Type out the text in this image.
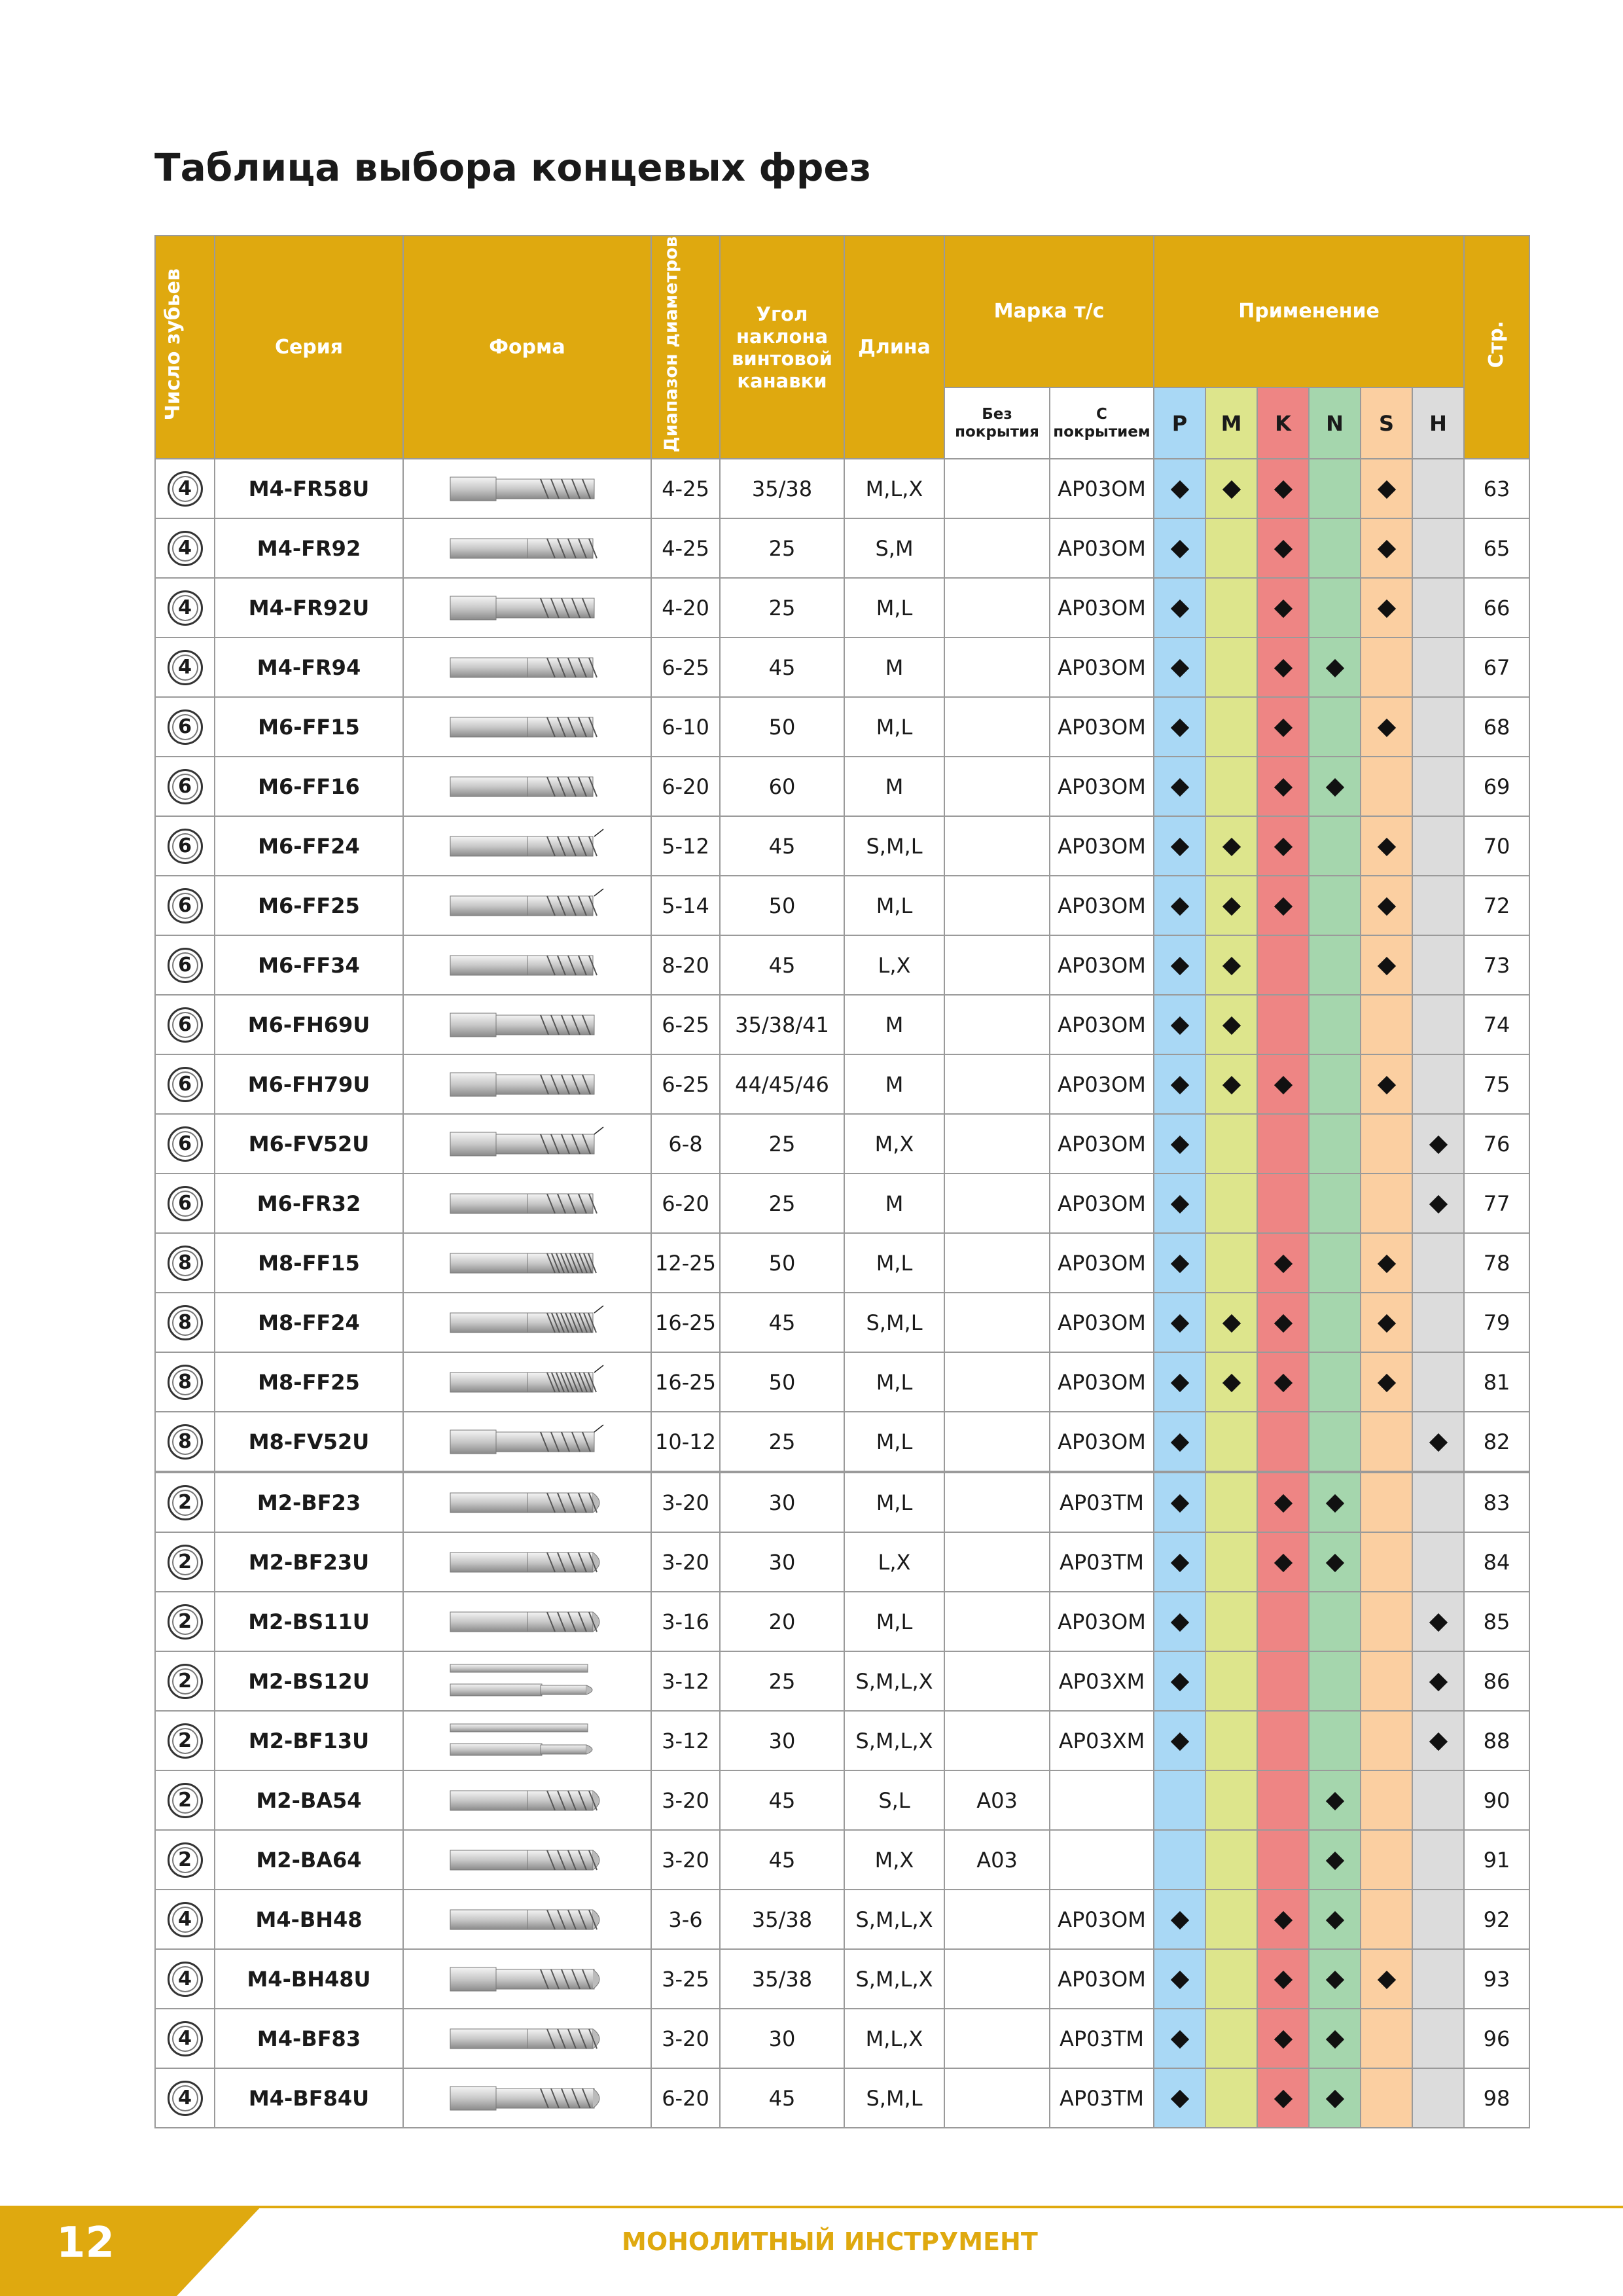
Таблица выбора концевых фрез
Число зубьев	Серия	Форма	Диапазон диаметров	Угол наклона винтовой канавки	Длина	Марка т/с		Применение						Стр.
						Без покрытия	С покрытием	P	M	K	N	S	H	
4	M4-FR58U		4-25	35/38	M,L,X		AP03OM							63
4	M4-FR92		4-25	25	S,M		AP03OM							65
4	M4-FR92U		4-20	25	M,L		AP03OM							66
4	M4-FR94		6-25	45	M		AP03OM							67
6	M6-FF15		6-10	50	M,L		AP03OM							68
6	M6-FF16		6-20	60	M		AP03OM							69
6	M6-FF24		5-12	45	S,M,L		AP03OM							70
6	M6-FF25		5-14	50	M,L		AP03OM							72
6	M6-FF34		8-20	45	L,X		AP03OM							73
6	M6-FH69U		6-25	35/38/41	M		AP03OM							74
6	M6-FH79U		6-25	44/45/46	M		AP03OM							75
6	M6-FV52U		6-8	25	M,X		AP03OM							76
6	M6-FR32		6-20	25	M		AP03OM							77
8	M8-FF15		12-25	50	M,L		AP03OM							78
8	M8-FF24		16-25	45	S,M,L		AP03OM							79
8	M8-FF25		16-25	50	M,L		AP03OM							81
8	M8-FV52U		10-12	25	M,L		AP03OM							82
2	M2-BF23		3-20	30	M,L		AP03TM							83
2	M2-BF23U		3-20	30	L,X		AP03TM							84
2	M2-BS11U		3-16	20	M,L		AP03OM							85
2	M2-BS12U		3-12	25	S,M,L,X		AP03XM							86
2	M2-BF13U		3-12	30	S,M,L,X		AP03XM							88
2	M2-BA54		3-20	45	S,L	A03								90
2	M2-BA64		3-20	45	M,X	A03								91
4	M4-BH48		3-6	35/38	S,M,L,X		AP03OM							92
4	M4-BH48U		3-25	35/38	S,M,L,X		AP03OM							93
4	M4-BF83		3-20	30	M,L,X		AP03TM							96
4	M4-BF84U		6-20	45	S,M,L		AP03TM							98
12	МОНОЛИТНЫЙ ИНСТРУМЕНТ
